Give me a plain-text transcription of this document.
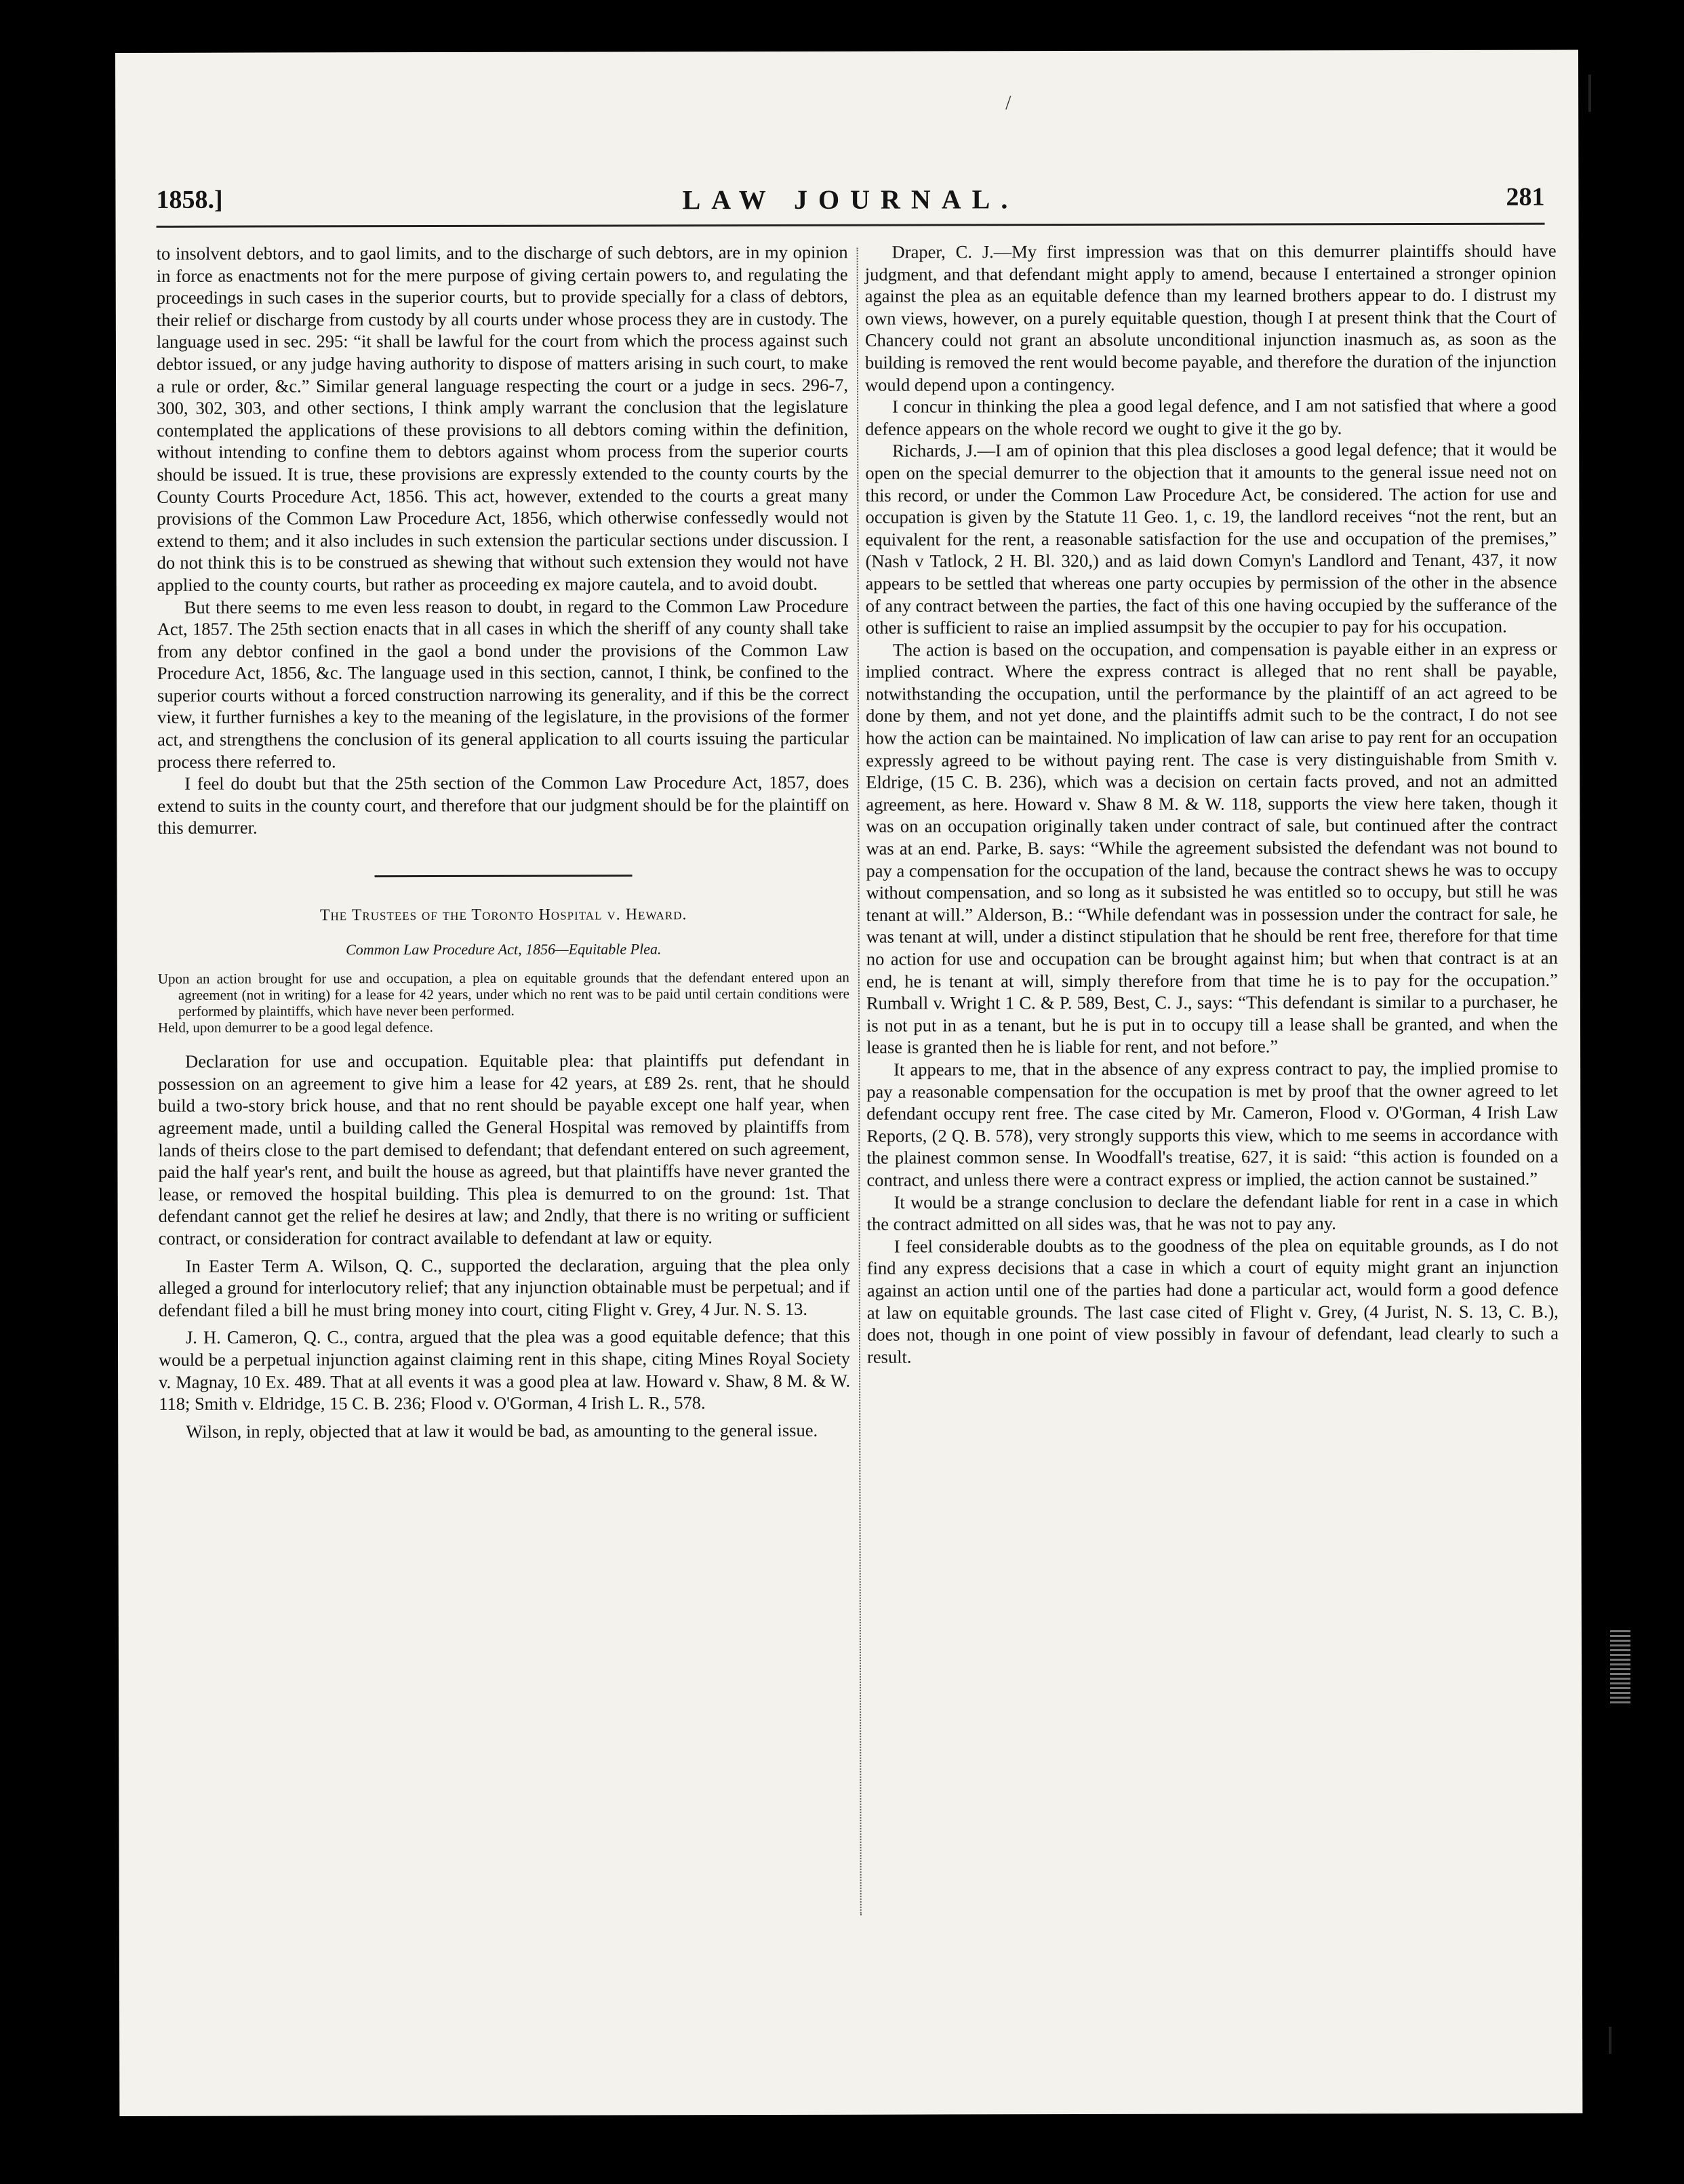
/
1858.]	LAW JOURNAL.	281

to insolvent debtors, and to gaol limits, and to the discharge of such debtors, are in my opinion in force as enactments not for the mere purpose of giving certain powers to, and regulating the proceedings in such cases in the superior courts, but to provide specially for a class of debtors, their relief or discharge from custody by all courts under whose process they are in custody. The language used in sec. 295: “it shall be lawful for the court from which the process against such debtor issued, or any judge having authority to dispose of matters arising in such court, to make a rule or order, &c.” Similar general language respecting the court or a judge in secs. 296-7, 300, 302, 303, and other sections, I think amply warrant the conclusion that the legislature contemplated the applications of these provisions to all debtors coming within the definition, without intending to confine them to debtors against whom process from the superior courts should be issued. It is true, these provisions are expressly extended to the county courts by the County Courts Procedure Act, 1856. This act, however, extended to the courts a great many provisions of the Common Law Procedure Act, 1856, which otherwise confessedly would not extend to them; and it also includes in such extension the particular sections under discussion. I do not think this is to be construed as shewing that without such extension they would not have applied to the county courts, but rather as proceeding ex majore cautela, and to avoid doubt.

But there seems to me even less reason to doubt, in regard to the Common Law Procedure Act, 1857. The 25th section enacts that in all cases in which the sheriff of any county shall take from any debtor confined in the gaol a bond under the provisions of the Common Law Procedure Act, 1856, &c. The language used in this section, cannot, I think, be confined to the superior courts without a forced construction narrowing its generality, and if this be the correct view, it further furnishes a key to the meaning of the legislature, in the provisions of the former act, and strengthens the conclusion of its general application to all courts issuing the particular process there referred to.

I feel do doubt but that the 25th section of the Common Law Procedure Act, 1857, does extend to suits in the county court, and therefore that our judgment should be for the plaintiff on this demurrer.

The Trustees of the Toronto Hospital v. Heward.
Common Law Procedure Act, 1856—Equitable Plea.

Upon an action brought for use and occupation, a plea on equitable grounds that the defendant entered upon an agreement (not in writing) for a lease for 42 years, under which no rent was to be paid until certain conditions were performed by plaintiffs, which have never been performed.

Held, upon demurrer to be a good legal defence.

Declaration for use and occupation. Equitable plea: that plaintiffs put defendant in possession on an agreement to give him a lease for 42 years, at £89 2s. rent, that he should build a two-story brick house, and that no rent should be payable except one half year, when agreement made, until a building called the General Hospital was removed by plaintiffs from lands of theirs close to the part demised to defendant; that defendant entered on such agreement, paid the half year's rent, and built the house as agreed, but that plaintiffs have never granted the lease, or removed the hospital building. This plea is demurred to on the ground: 1st. That defendant cannot get the relief he desires at law; and 2ndly, that there is no writing or sufficient contract, or consideration for contract available to defendant at law or equity.

In Easter Term A. Wilson, Q. C., supported the declaration, arguing that the plea only alleged a ground for interlocutory relief; that any injunction obtainable must be perpetual; and if defendant filed a bill he must bring money into court, citing Flight v. Grey, 4 Jur. N. S. 13.

J. H. Cameron, Q. C., contra, argued that the plea was a good equitable defence; that this would be a perpetual injunction against claiming rent in this shape, citing Mines Royal Society v. Magnay, 10 Ex. 489. That at all events it was a good plea at law. Howard v. Shaw, 8 M. & W. 118; Smith v. Eldridge, 15 C. B. 236; Flood v. O'Gorman, 4 Irish L. R., 578.

Wilson, in reply, objected that at law it would be bad, as amounting to the general issue.

Draper, C. J.—My first impression was that on this demurrer plaintiffs should have judgment, and that defendant might apply to amend, because I entertained a stronger opinion against the plea as an equitable defence than my learned brothers appear to do. I distrust my own views, however, on a purely equitable question, though I at present think that the Court of Chancery could not grant an absolute unconditional injunction inasmuch as, as soon as the building is removed the rent would become payable, and therefore the duration of the injunction would depend upon a contingency.

I concur in thinking the plea a good legal defence, and I am not satisfied that where a good defence appears on the whole record we ought to give it the go by.

Richards, J.—I am of opinion that this plea discloses a good legal defence; that it would be open on the special demurrer to the objection that it amounts to the general issue need not on this record, or under the Common Law Procedure Act, be considered. The action for use and occupation is given by the Statute 11 Geo. 1, c. 19, the landlord receives “not the rent, but an equivalent for the rent, a reasonable satisfaction for the use and occupation of the premises,” (Nash v Tatlock, 2 H. Bl. 320,) and as laid down Comyn's Landlord and Tenant, 437, it now appears to be settled that whereas one party occupies by permission of the other in the absence of any contract between the parties, the fact of this one having occupied by the sufferance of the other is sufficient to raise an implied assumpsit by the occupier to pay for his occupation.

The action is based on the occupation, and compensation is payable either in an express or implied contract. Where the express contract is alleged that no rent shall be payable, notwithstanding the occupation, until the performance by the plaintiff of an act agreed to be done by them, and not yet done, and the plaintiffs admit such to be the contract, I do not see how the action can be maintained. No implication of law can arise to pay rent for an occupation expressly agreed to be without paying rent. The case is very distinguishable from Smith v. Eldrige, (15 C. B. 236), which was a decision on certain facts proved, and not an admitted agreement, as here. Howard v. Shaw 8 M. & W. 118, supports the view here taken, though it was on an occupation originally taken under contract of sale, but continued after the contract was at an end. Parke, B. says: “While the agreement subsisted the defendant was not bound to pay a compensation for the occupation of the land, because the contract shews he was to occupy without compensation, and so long as it subsisted he was entitled so to occupy, but still he was tenant at will.” Alderson, B.: “While defendant was in possession under the contract for sale, he was tenant at will, under a distinct stipulation that he should be rent free, therefore for that time no action for use and occupation can be brought against him; but when that contract is at an end, he is tenant at will, simply therefore from that time he is to pay for the occupation.” Rumball v. Wright 1 C. & P. 589, Best, C. J., says: “This defendant is similar to a purchaser, he is not put in as a tenant, but he is put in to occupy till a lease shall be granted, and when the lease is granted then he is liable for rent, and not before.”

It appears to me, that in the absence of any express contract to pay, the implied promise to pay a reasonable compensation for the occupation is met by proof that the owner agreed to let defendant occupy rent free. The case cited by Mr. Cameron, Flood v. O'Gorman, 4 Irish Law Reports, (2 Q. B. 578), very strongly supports this view, which to me seems in accordance with the plainest common sense. In Woodfall's treatise, 627, it is said: “this action is founded on a contract, and unless there were a contract express or implied, the action cannot be sustained.”

It would be a strange conclusion to declare the defendant liable for rent in a case in which the contract admitted on all sides was, that he was not to pay any.

I feel considerable doubts as to the goodness of the plea on equitable grounds, as I do not find any express decisions that a case in which a court of equity might grant an injunction against an action until one of the parties had done a particular act, would form a good defence at law on equitable grounds. The last case cited of Flight v. Grey, (4 Jurist, N. S. 13, C. B.), does not, though in one point of view possibly in favour of defendant, lead clearly to such a result.
